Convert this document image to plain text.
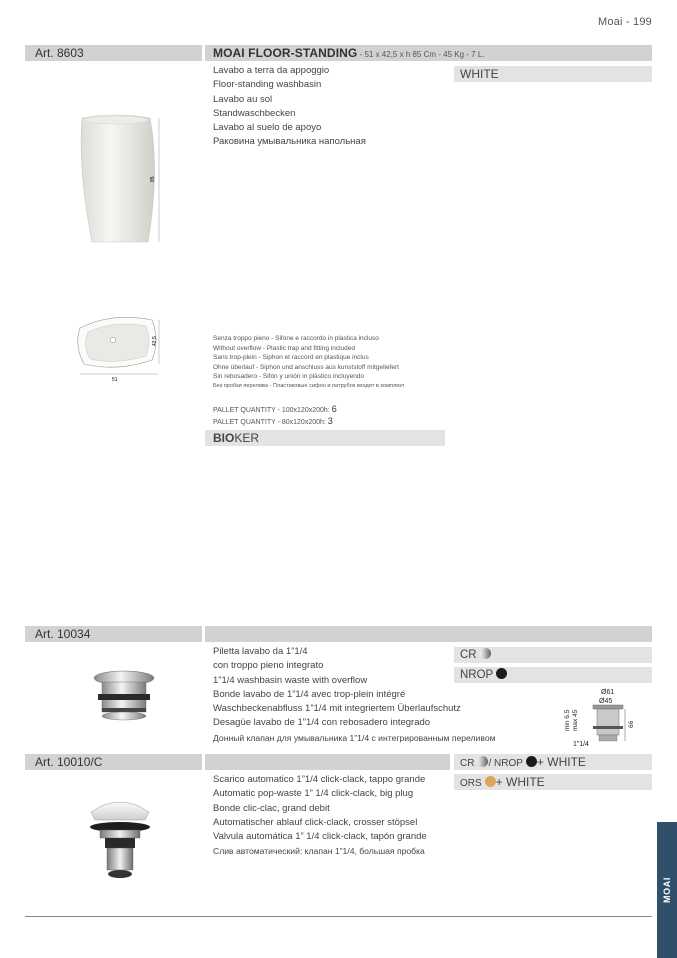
Moai - 199
Art. 8603	MOAI FLOOR-STANDING - 51 x 42,5 x h 85 Cm - 45 Kg - 7 L.
Lavabo a terra da appoggio
Floor-standing washbasin
Lavabo au sol
Standwaschbecken
Lavabo al suelo de apoyo
Раковина умывальника напольная
WHITE
85
42,5
51
Senza troppo pieno - Sifone e raccordo in plastica incluso
Without overflow - Plastic trap and fitting included
Sans trop-plein - Siphon et raccord en plastique inclus
Ohne überlauf - Siphon und anschluss aus kunststoff mitgeliefert
Sin rebosadero - Sifón y unión in plástico incluyendo
Без пробки перелива - Пластиковые сифон и патрубок входят в комплект
PALLET QUANTITY - 100x120x200h: 6
PALLET QUANTITY - 80x120x200h: 3
BIOKER
Art. 10034
Piletta lavabo da 1”1/4
con troppo pieno integrato
1”1/4 washbasin waste with overflow
Bonde lavabo de 1”1/4 avec trop-plein intégré
Waschbeckenabfluss 1”1/4 mit integriertem Überlaufschutz
Desagüe lavabo de 1”1/4 con rebosadero integrado
Донный клапан для умывальника 1”1/4 с интегрированным переливом
CR
NROP
Ø61
Ø45
min 6.5 max 45	66
1”1/4
Art. 10010/C	CR / NROP + WHITE
ORS + WHITE
Scarico automatico 1”1/4 click-clack, tappo grande
Automatic pop-waste 1” 1/4 click-clack, big plug
Bonde clic-clac, grand debit
Automatischer ablauf click-clack, crosser stöpsel
Valvula automática 1” 1/4 click-clack, tapón grande
Слив автоматический: клапан 1”1/4, большая пробка
MOAI
